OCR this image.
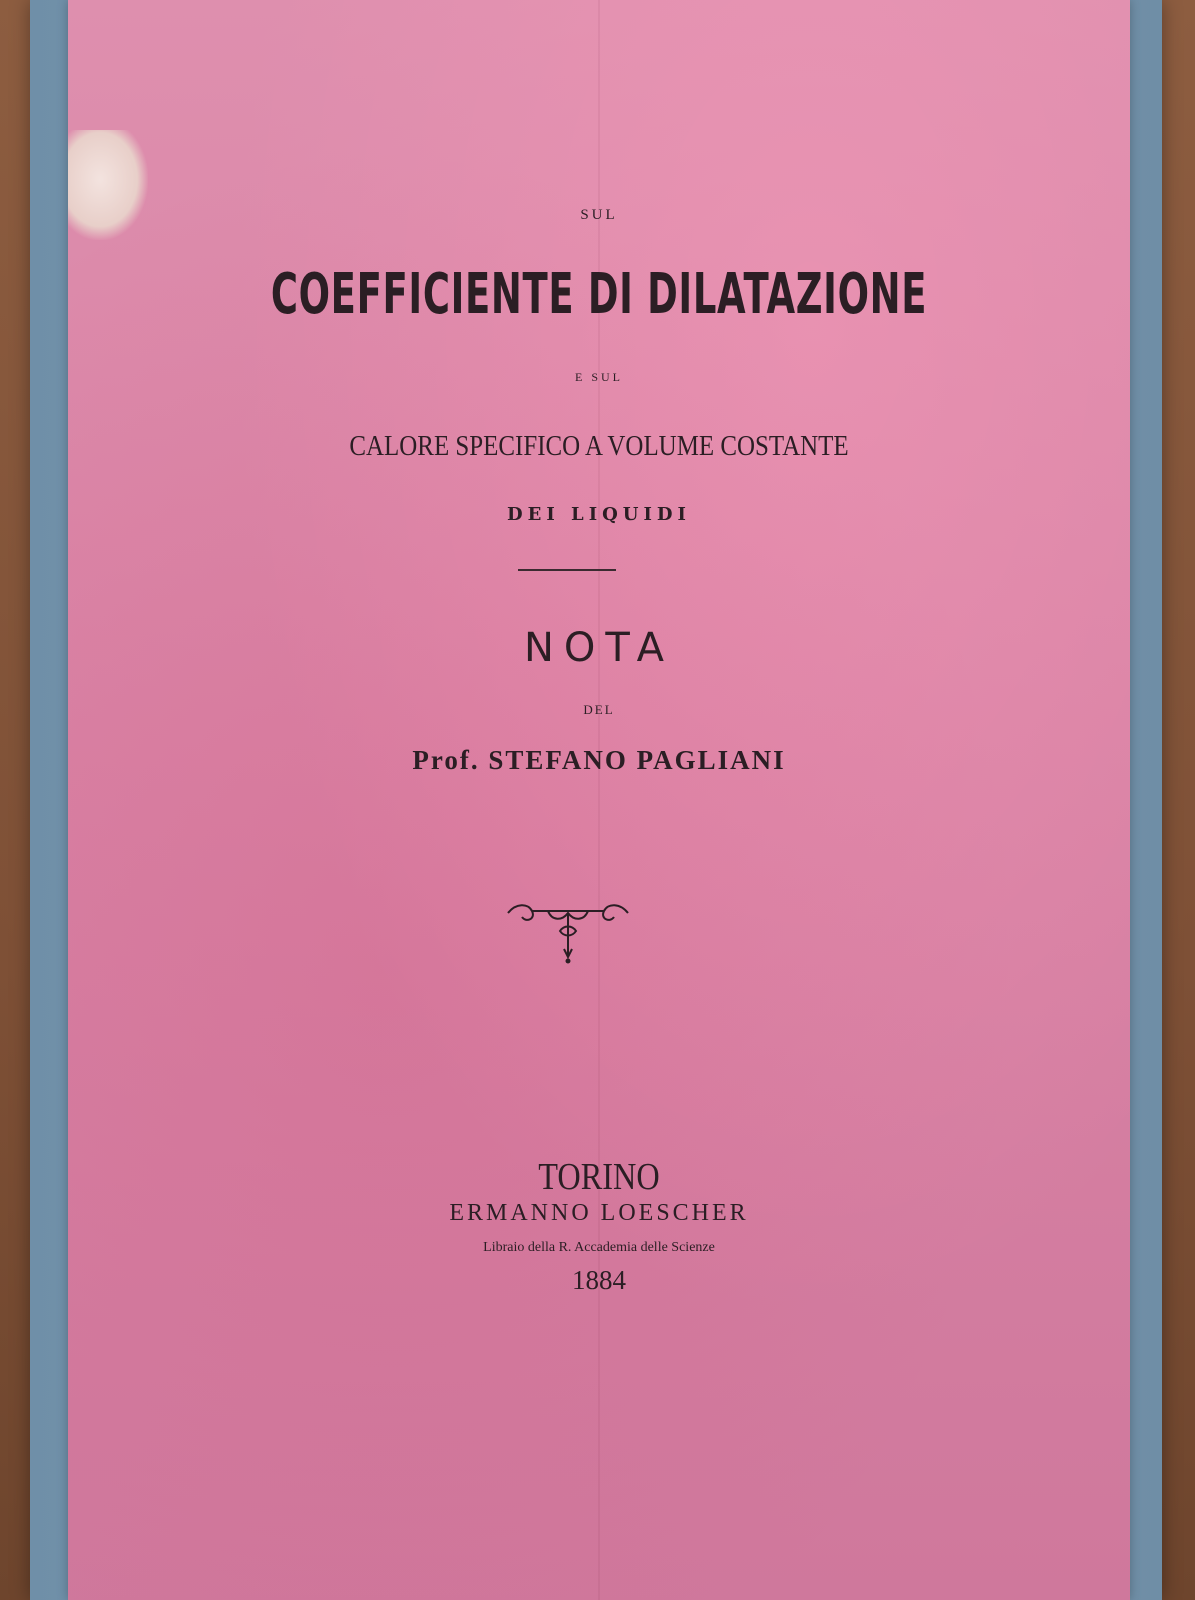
SUL

COEFFICIENTE DI DILATAZIONE

E SUL

CALORE SPECIFICO A VOLUME COSTANTE

DEI LIQUIDI

NOTA

DEL

Prof. STEFANO PAGLIANI

TORINO

ERMANNO LOESCHER

Libraio della R. Accademia delle Scienze

1884
